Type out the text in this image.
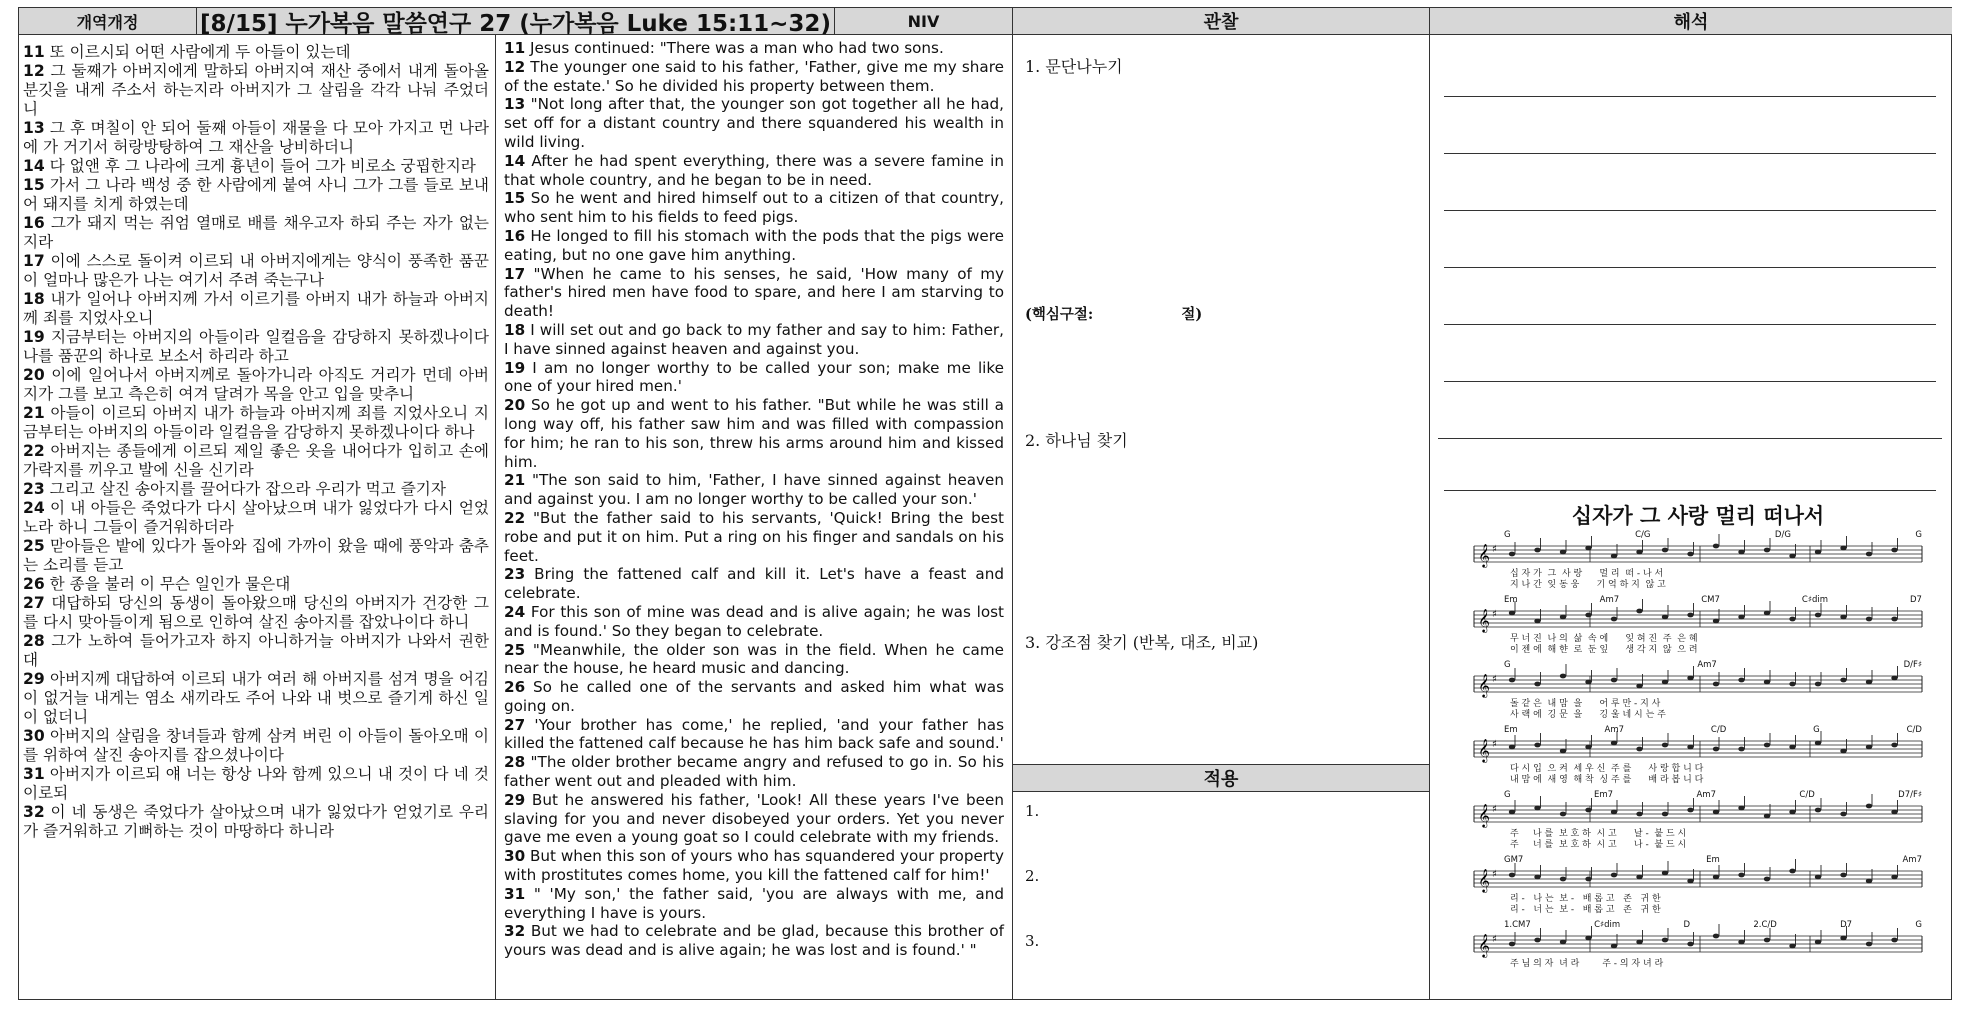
개역개정	[8/15] 누가복음 말씀연구 27 (누가복음 Luke 15:11~32)	NIV	관찰	해석

11 또 이르시되 어떤 사람에게 두 아들이 있는데

12 그 둘째가 아버지에게 말하되 아버지여 재산 중에서 내게 돌아올 분깃을 내게 주소서 하는지라 아버지가 그 살림을 각각 나눠 주었더니

13 그 후 며칠이 안 되어 둘째 아들이 재물을 다 모아 가지고 먼 나라에 가 거기서 허랑방탕하여 그 재산을 낭비하더니

14 다 없앤 후 그 나라에 크게 흉년이 들어 그가 비로소 궁핍한지라

15 가서 그 나라 백성 중 한 사람에게 붙여 사니 그가 그를 들로 보내어 돼지를 치게 하였는데

16 그가 돼지 먹는 쥐엄 열매로 배를 채우고자 하되 주는 자가 없는지라

17 이에 스스로 돌이켜 이르되 내 아버지에게는 양식이 풍족한 품꾼이 얼마나 많은가 나는 여기서 주려 죽는구나

18 내가 일어나 아버지께 가서 이르기를 아버지 내가 하늘과 아버지께 죄를 지었사오니

19 지금부터는 아버지의 아들이라 일컬음을 감당하지 못하겠나이다 나를 품꾼의 하나로 보소서 하리라 하고

20 이에 일어나서 아버지께로 돌아가니라 아직도 거리가 먼데 아버지가 그를 보고 측은히 여겨 달려가 목을 안고 입을 맞추니

21 아들이 이르되 아버지 내가 하늘과 아버지께 죄를 지었사오니 지금부터는 아버지의 아들이라 일컬음을 감당하지 못하겠나이다 하나

22 아버지는 종들에게 이르되 제일 좋은 옷을 내어다가 입히고 손에 가락지를 끼우고 발에 신을 신기라

23 그리고 살진 송아지를 끌어다가 잡으라 우리가 먹고 즐기자

24 이 내 아들은 죽었다가 다시 살아났으며 내가 잃었다가 다시 얻었노라 하니 그들이 즐거워하더라

25 맏아들은 밭에 있다가 돌아와 집에 가까이 왔을 때에 풍악과 춤추는 소리를 듣고

26 한 종을 불러 이 무슨 일인가 물은대

27 대답하되 당신의 동생이 돌아왔으매 당신의 아버지가 건강한 그를 다시 맞아들이게 됨으로 인하여 살진 송아지를 잡았나이다 하니

28 그가 노하여 들어가고자 하지 아니하거늘 아버지가 나와서 권한대

29 아버지께 대답하여 이르되 내가 여러 해 아버지를 섬겨 명을 어김이 없거늘 내게는 염소 새끼라도 주어 나와 내 벗으로 즐기게 하신 일이 없더니

30 아버지의 살림을 창녀들과 함께 삼켜 버린 이 아들이 돌아오매 이를 위하여 살진 송아지를 잡으셨나이다

31 아버지가 이르되 얘 너는 항상 나와 함께 있으니 내 것이 다 네 것이로되

32 이 네 동생은 죽었다가 살아났으며 내가 잃었다가 얻었기로 우리가 즐거워하고 기뻐하는 것이 마땅하다 하니라

11 Jesus continued: "There was a man who had two sons.

12 The younger one said to his father, 'Father, give me my share of the estate.' So he divided his property between them.

13 "Not long after that, the younger son got together all he had, set off for a distant country and there squandered his wealth in wild living.

14 After he had spent everything, there was a severe famine in that whole country, and he began to be in need.

15 So he went and hired himself out to a citizen of that country, who sent him to his fields to feed pigs.

16 He longed to fill his stomach with the pods that the pigs were eating, but no one gave him anything.

17 "When he came to his senses, he said, 'How many of my father's hired men have food to spare, and here I am starving to death!

18 I will set out and go back to my father and say to him: Father, I have sinned against heaven and against you.

19 I am no longer worthy to be called your son; make me like one of your hired men.'

20 So he got up and went to his father. "But while he was still a long way off, his father saw him and was filled with compassion for him; he ran to his son, threw his arms around him and kissed him.

21 "The son said to him, 'Father, I have sinned against heaven and against you. I am no longer worthy to be called your son.'

22 "But the father said to his servants, 'Quick! Bring the best robe and put it on him. Put a ring on his finger and sandals on his feet.

23 Bring the fattened calf and kill it. Let's have a feast and celebrate.

24 For this son of mine was dead and is alive again; he was lost and is found.' So they began to celebrate.

25 "Meanwhile, the older son was in the field. When he came near the house, he heard music and dancing.

26 So he called one of the servants and asked him what was going on.

27 'Your brother has come,' he replied, 'and your father has killed the fattened calf because he has him back safe and sound.'

28 "The older brother became angry and refused to go in. So his father went out and pleaded with him.

29 But he answered his father, 'Look! All these years I've been slaving for you and never disobeyed your orders. Yet you never gave me even a young goat so I could celebrate with my friends.

30 But when this son of yours who has squandered your property with prostitutes comes home, you kill the fattened calf for him!'

31 " 'My son,' the father said, 'you are always with me, and everything I have is yours.

32 But we had to celebrate and be glad, because this brother of yours was dead and is alive again; he was lost and is found.' "

1. 문단나누기
(핵심구절:	절)
2. 하나님 찾기
3. 강조점 찾기 (반복, 대조, 비교)
적용
1.
2.
3.
십자가 그 사랑 멀리 떠나서
𝄞 ♯
G	C/G	D/G	G
십 자 가  그  사 랑      멀 리  떠 - 나 서
지 나 간  잊 동 웅      기 억 하 지  않 고
𝄞 ♯
Em	Am7	CM7	C♯dim	D7
무 너 진  나 의  삶  속 에      잊 혀 진  주  은 혜
이 젠 에  해 햔  로  둔 잎      생 각 지  않  으 려
𝄞 ♯
G	Am7	D/F♯
돌 같 은  내 맘  을      어 루 만 - 지 사
사 랙 에  깅 문  을      깅 울 네 시 는 주
𝄞 ♯
Em	Am7	C/D	G	C/D
다 시 입  으 켜  세 우 신  주 를      사 랑 합 니 다
내 맘 에  새 영  해 착  싱 주 를      배 라 봅 니 다
𝄞 ♯
G	Em7	Am7	C/D	D7/F♯
주     나 를  보 호 하  시 고      날 -  붙 드 시
주     너 를  보 호 하  시 고      나 -  붙 드 시
𝄞 ♯
GM7	Em	Am7
리 -   나 는  보 -   배 롭 고   존   귀 한
리 -   너 는  보 -   배 롭 고   존   귀 한
𝄞 ♯
1.CM7	C♯dim	D	2.C/D	D7	G
주 님 의 자  녀 라        주 - 의 자 녀 라
